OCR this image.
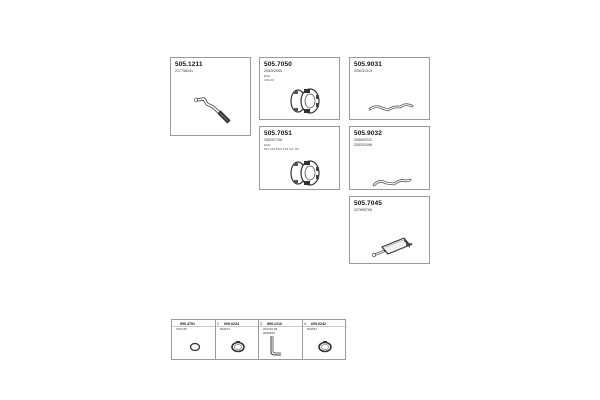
505.1211
217736041
505.7050
205202050
ECE
102-KF
505.9031
205031313
505.7051
205207136
ECE
MG 103 P&S 103 Ind. HF
505.9032
205992222
205202096
505.7045
207895765
590.3751
7047 83
2 609.0224
904074
3 599.1210
204740 29
2003494
4 609.0242
904067
